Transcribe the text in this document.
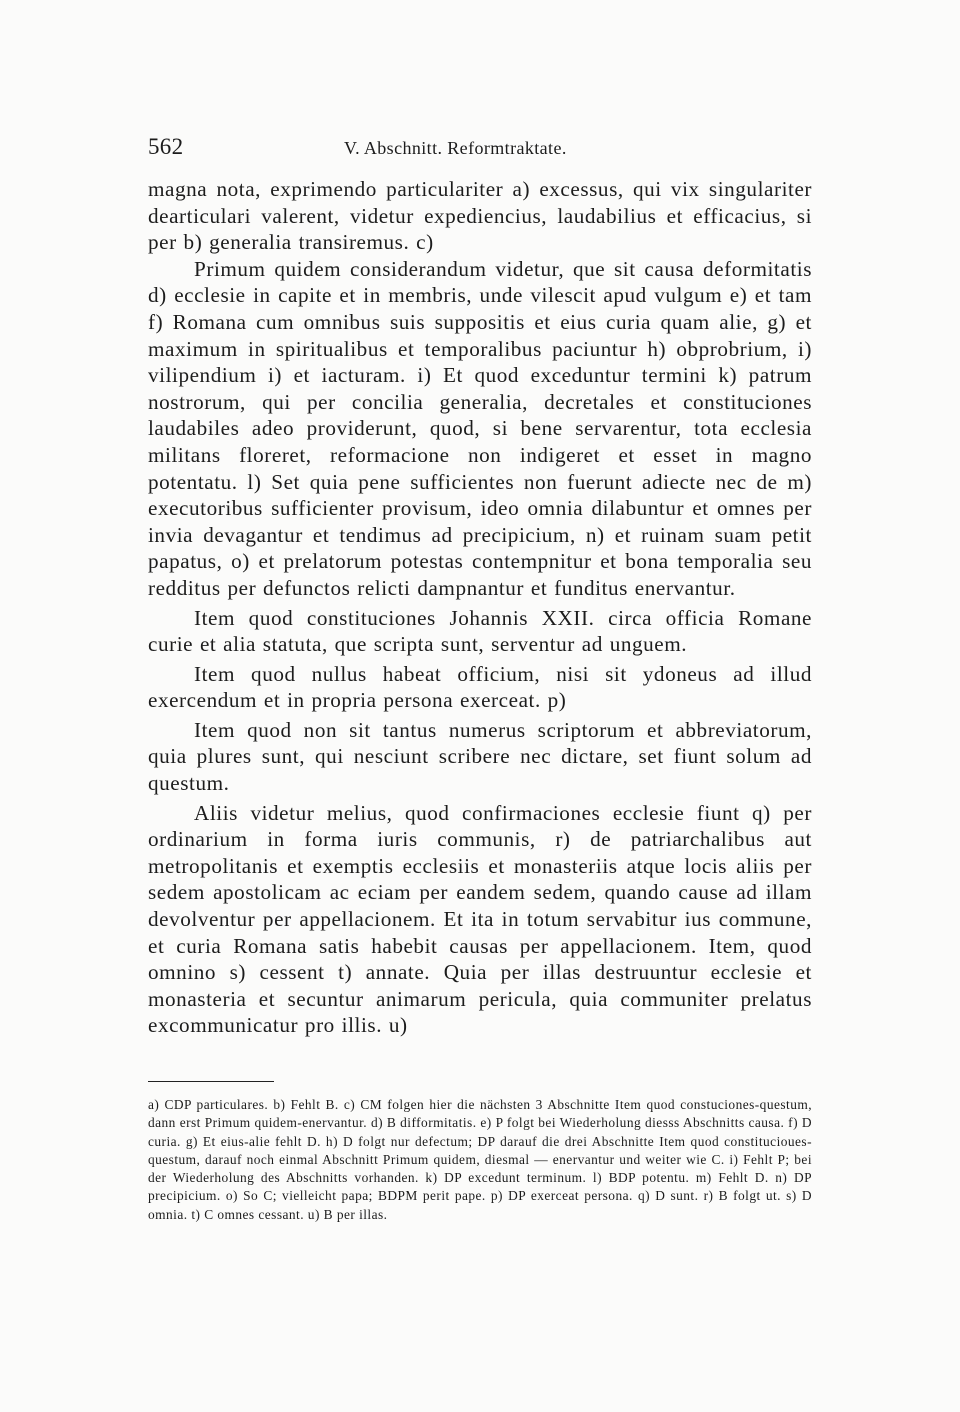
562	V. Abschnitt. Reformtraktate.

magna nota, exprimendo particulariter a) excessus, qui vix singulariter dearticulari valerent, videtur expediencius, laudabilius et efficacius, si per b) generalia transiremus. c)

Primum quidem considerandum videtur, que sit causa deformitatis d) ecclesie in capite et in membris, unde vilescit apud vulgum e) et tam f) Romana cum omnibus suis suppositis et eius curia quam alie, g) et maximum in spiritualibus et temporalibus paciuntur h) obprobrium, i) vilipendium i) et iacturam. i) Et quod exceduntur termini k) patrum nostrorum, qui per concilia generalia, decretales et constituciones laudabiles adeo providerunt, quod, si bene servarentur, tota ecclesia militans floreret, reformacione non indigeret et esset in magno potentatu. l) Set quia pene sufficientes non fuerunt adiecte nec de m) executoribus sufficienter provisum, ideo omnia dilabuntur et omnes per invia devagantur et tendimus ad precipicium, n) et ruinam suam petit papatus, o) et prelatorum potestas contempnitur et bona temporalia seu redditus per defunctos relicti dampnantur et funditus enervantur.

Item quod constituciones Johannis XXII. circa officia Romane curie et alia statuta, que scripta sunt, serventur ad unguem.

Item quod nullus habeat officium, nisi sit ydoneus ad illud exercendum et in propria persona exerceat. p)

Item quod non sit tantus numerus scriptorum et abbreviatorum, quia plures sunt, qui nesciunt scribere nec dictare, set fiunt solum ad questum.

Aliis videtur melius, quod confirmaciones ecclesie fiunt q) per ordinarium in forma iuris communis, r) de patriarchalibus aut metropolitanis et exemptis ecclesiis et monasteriis atque locis aliis per sedem apostolicam ac eciam per eandem sedem, quando cause ad illam devolventur per appellacionem. Et ita in totum servabitur ius commune, et curia Romana satis habebit causas per appellacionem. Item, quod omnino s) cessent t) annate. Quia per illas destruuntur ecclesie et monasteria et secuntur animarum pericula, quia communiter prelatus excommunicatur pro illis. u)

a) CDP particulares. b) Fehlt B. c) CM folgen hier die nächsten 3 Abschnitte Item quod constuciones-questum, dann erst Primum quidem-enervantur. d) B difformitatis. e) P folgt bei Wiederholung diesss Abschnitts causa. f) D curia. g) Et eius-alie fehlt D. h) D folgt nur defectum; DP darauf die drei Abschnitte Item quod constitucioues-questum, darauf noch einmal Abschnitt Primum quidem, diesmal — enervantur und weiter wie C. i) Fehlt P; bei der Wiederholung des Abschnitts vorhanden. k) DP excedunt terminum. l) BDP potentu. m) Fehlt D. n) DP precipicium. o) So C; vielleicht papa; BDPM perit pape. p) DP exerceat persona. q) D sunt. r) B folgt ut. s) D omnia. t) C omnes cessant. u) B per illas.
